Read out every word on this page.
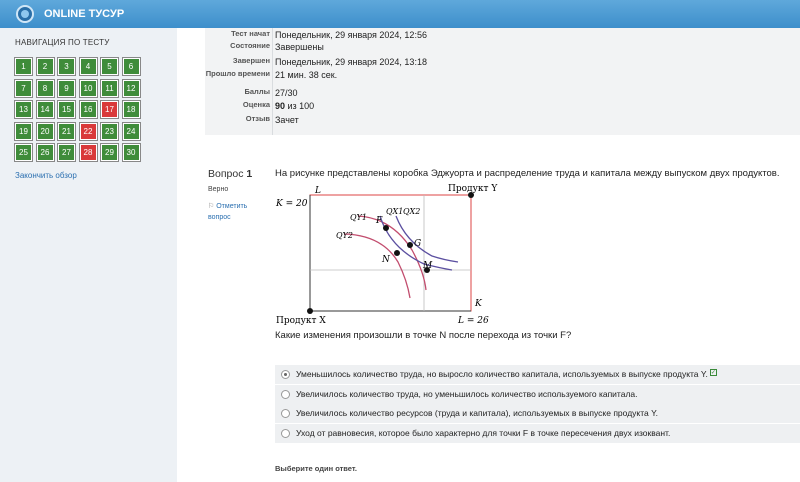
ONLINE ТУСУР
НАВИГАЦИЯ ПО ТЕСТУ
1	2	3	4	5	6
7	8	9	10	11	12
13	14	15	16	17	18
19	20	21	22	23	24
25	26	27	28	29	30
Закончить обзор
Тест начат Понедельник, 29 января 2024, 12:56
Состояние Завершены
Завершен Понедельник, 29 января 2024, 13:18
Прошло времени 21 мин. 38 сек.
Баллы 27/30
Оценка 90 из 100
Отзыв Зачет
Вопрос 1
Верно
⚐ Отметить вопрос
На рисунке представлены коробка Эджуорта и распределение труда и капитала между выпуском двух продуктов.
Продукт Y
Продукт X
K = 20
L = 26
L
K
QY1
QY2
QX1 QX2
F
G
N
M
Какие изменения произошли в точке N после перехода из точки F?
Уменьшилось количество труда, но выросло количество капитала, используемых в выпуске продукта Y. ✓
Увеличилось количество труда, но уменьшилось количество используемого капитала.
Увеличилось количество ресурсов (труда и капитала), используемых в выпуске продукта Y.
Уход от равновесия, которое было характерно для точки F в точке пересечения двух изоквант.
Выберите один ответ.
